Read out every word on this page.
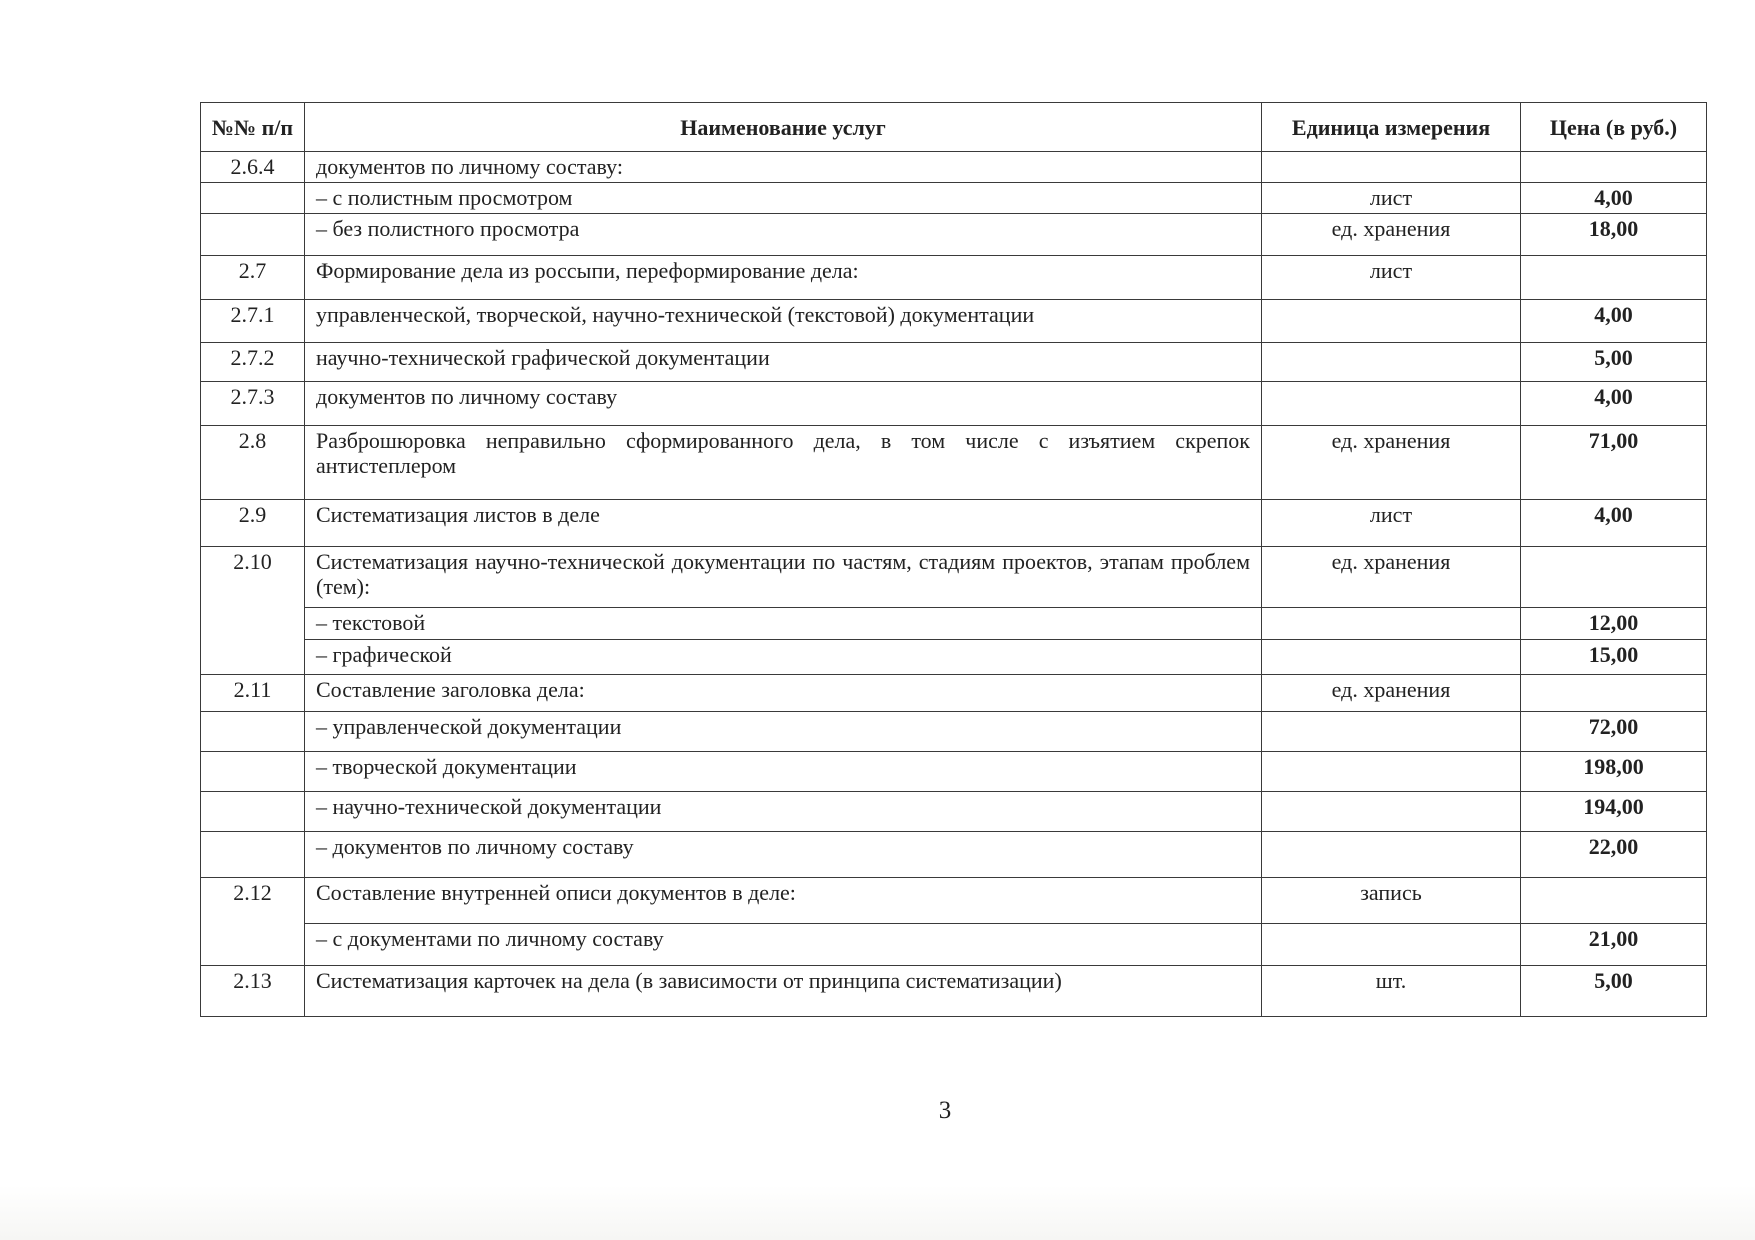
№№ п/п	Наименование услуг	Единица измерения	Цена (в руб.)
2.6.4	документов по личному составу:		
	– с полистным просмотром	лист	4,00
	– без полистного просмотра	ед. хранения	18,00
2.7	Формирование дела из россыпи, переформирование дела:	лист	
2.7.1	управленческой, творческой, научно-технической (текстовой) документации		4,00
2.7.2	научно-технической графической документации		5,00
2.7.3	документов по личному составу		4,00
2.8	Разброшюровка неправильно сформированного дела, в том числе с изъятием скрепок антистеплером	ед. хранения	71,00
2.9	Систематизация листов в деле	лист	4,00
2.10	Систематизация научно-технической документации по частям, стадиям проектов, этапам проблем (тем):	ед. хранения	
	– текстовой		12,00
	– графической		15,00
2.11	Составление заголовка дела:	ед. хранения	
	– управленческой документации		72,00
	– творческой документации		198,00
	– научно-технической документации		194,00
	– документов по личному составу		22,00
2.12	Составление внутренней описи документов в деле:	запись	
	– с документами по личному составу		21,00
2.13	Систематизация карточек на дела (в зависимости от принципа систематизации)	шт.	5,00
3
